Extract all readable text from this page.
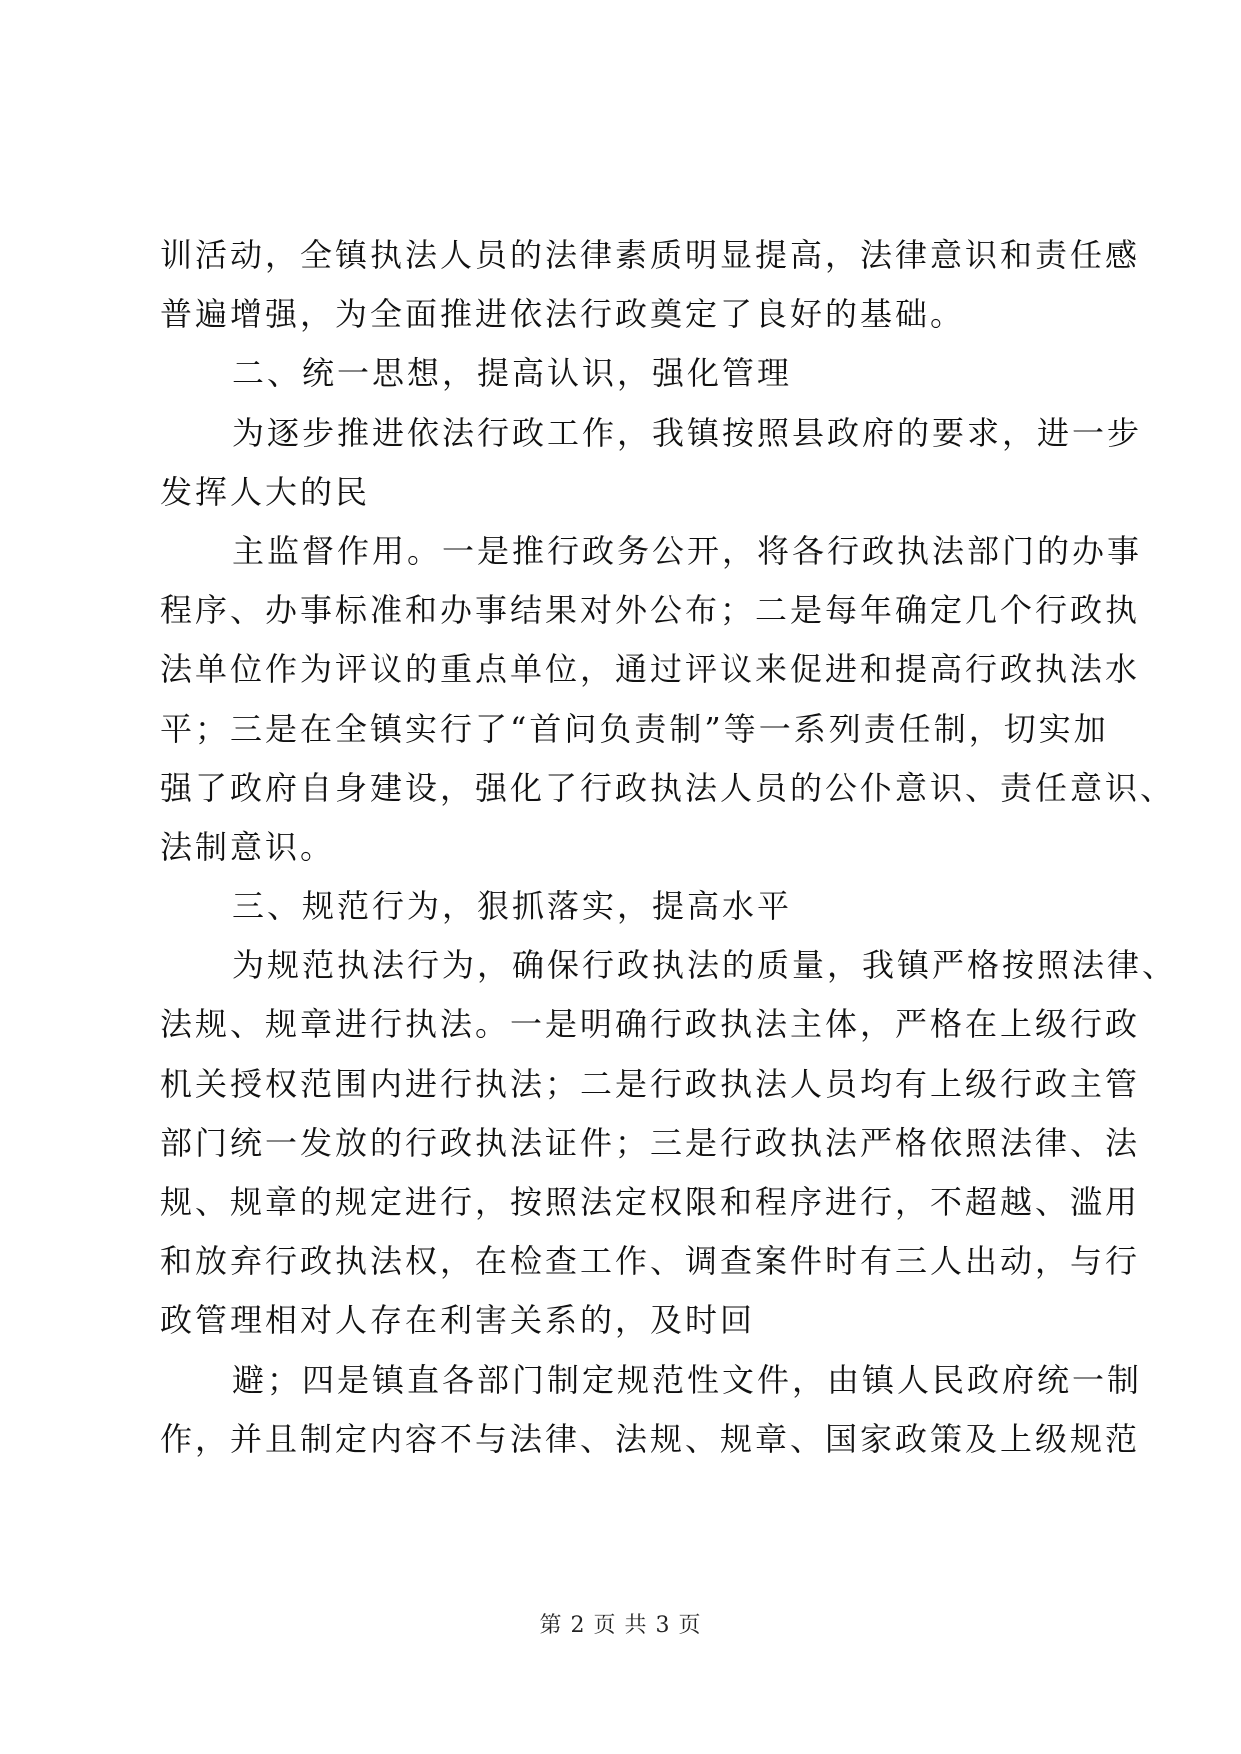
训活动，全镇执法人员的法律素质明显提高，法律意识和责任感
普遍增强，为全面推进依法行政奠定了良好的基础。
二、统一思想，提高认识，强化管理
为逐步推进依法行政工作，我镇按照县政府的要求，进一步
发挥人大的民
主监督作用。一是推行政务公开，将各行政执法部门的办事
程序、办事标准和办事结果对外公布；二是每年确定几个行政执
法单位作为评议的重点单位，通过评议来促进和提高行政执法水
平；三是在全镇实行了“首问负责制”等一系列责任制，切实加
强了政府自身建设，强化了行政执法人员的公仆意识、责任意识、
法制意识。
三、规范行为，狠抓落实，提高水平
为规范执法行为，确保行政执法的质量，我镇严格按照法律、
法规、规章进行执法。一是明确行政执法主体，严格在上级行政
机关授权范围内进行执法；二是行政执法人员均有上级行政主管
部门统一发放的行政执法证件；三是行政执法严格依照法律、法
规、规章的规定进行，按照法定权限和程序进行，不超越、滥用
和放弃行政执法权，在检查工作、调查案件时有三人出动，与行
政管理相对人存在利害关系的，及时回
避；四是镇直各部门制定规范性文件，由镇人民政府统一制
作，并且制定内容不与法律、法规、规章、国家政策及上级规范
第 2 页 共 3 页
